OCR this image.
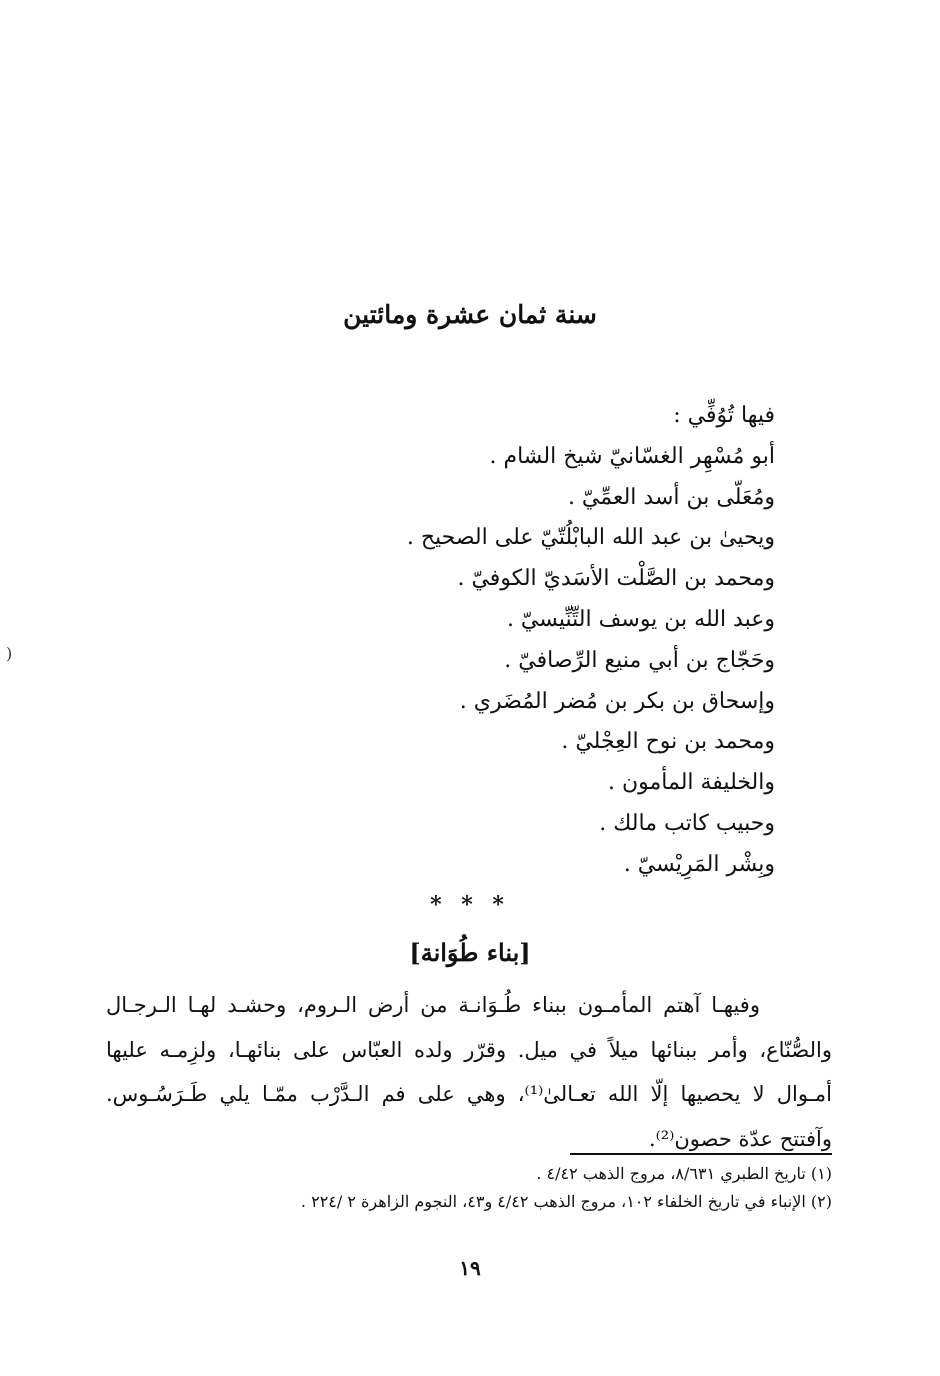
سنة ثمان عشرة ومائتين
فيها تُوُفِّي :
أبو مُسْهِر الغسّانيّ شيخ الشام .
ومُعَلّى بن أسد العمِّيّ .
ويحيىٰ بن عبد الله البابْلُتّيّ على الصحيح .
ومحمد بن الصَّلْت الأسَديّ الكوفيّ .
وعبد الله بن يوسف التِّنِّيسيّ .
وحَجّاج بن أبي منيع الرِّصافيّ .
وإسحاق بن بكر بن مُضر المُضَري .
ومحمد بن نوح العِجْليّ .
والخليفة المأمون .
وحبيب كاتب مالك .
وبِشْر المَرِيْسيّ .
* * *
[بناء طُوَانة]
وفيهـا آهتم المأمـون ببناء طُـوَانـة من أرض الـروم، وحشـد لهـا الـرجـال
والصُّنّاع، وأمر ببنائها ميلاً في ميل. وقرّر ولده العبّاس على بنائهـا، ولزِمـه عليها
أمـوال لا يحصيها إلّا الله تعـالىٰ⁽¹⁾، وهي على فم الـدَّرْب ممّـا يلي طَـرَسُـوس.
وآفتتح عدّة حصون⁽²⁾.
(١) تاريخ الطبري ٨/٦٣١، مروج الذهب ٤/٤٢ .
(٢) الإنباء في تاريخ الخلفاء ١٠٢، مروج الذهب ٤/٤٢ و٤٣، النجوم الزاهرة ٢ /٢٢٤ .
١٩
(
